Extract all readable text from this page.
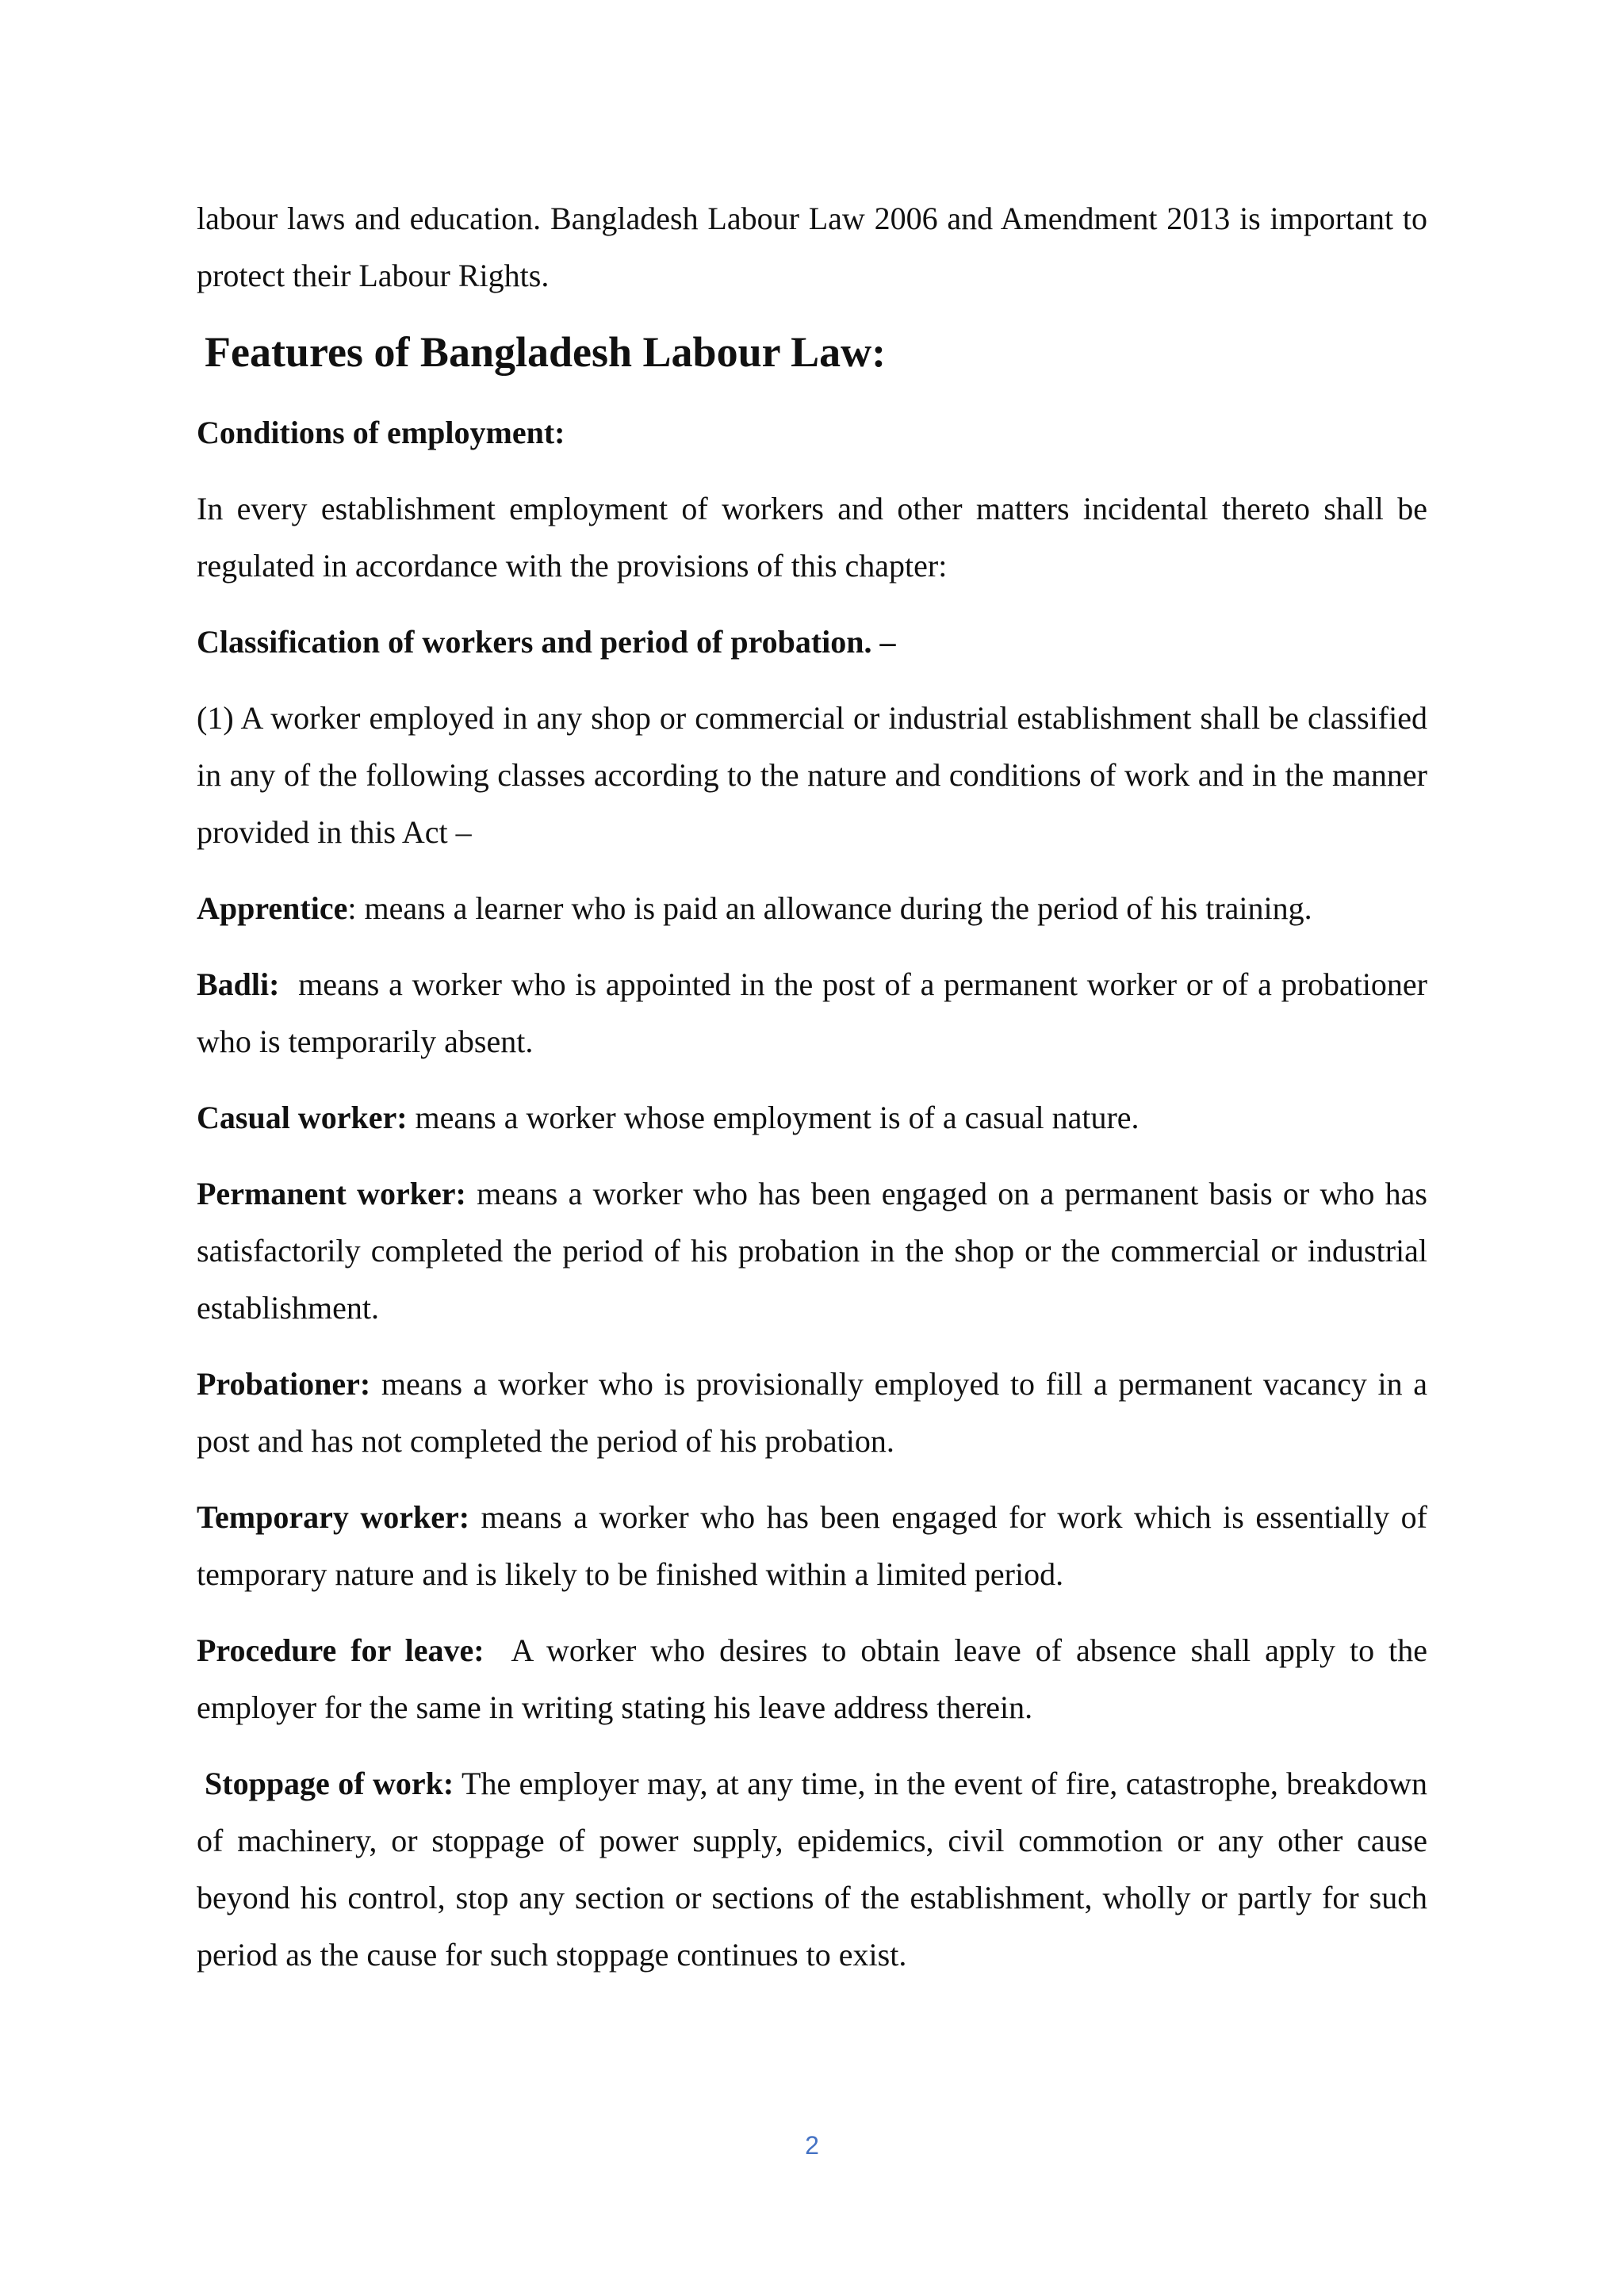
labour laws and education. Bangladesh Labour Law 2006 and Amendment 2013 is important to protect their Labour Rights.

Features of Bangladesh Labour Law:

Conditions of employment:

In every establishment employment of workers and other matters incidental thereto shall be regulated in accordance with the provisions of this chapter:

Classification of workers and period of probation. –

(1) A worker employed in any shop or commercial or industrial establishment shall be classified in any of the following classes according to the nature and conditions of work and in the manner provided in this Act –

Apprentice: means a learner who is paid an allowance during the period of his training.

Badli: means a worker who is appointed in the post of a permanent worker or of a probationer who is temporarily absent.

Casual worker: means a worker whose employment is of a casual nature.

Permanent worker: means a worker who has been engaged on a permanent basis or who has satisfactorily completed the period of his probation in the shop or the commercial or industrial establishment.

Probationer: means a worker who is provisionally employed to fill a permanent vacancy in a post and has not completed the period of his probation.

Temporary worker: means a worker who has been engaged for work which is essentially of temporary nature and is likely to be finished within a limited period.

Procedure for leave: A worker who desires to obtain leave of absence shall apply to the employer for the same in writing stating his leave address therein.

Stoppage of work: The employer may, at any time, in the event of fire, catastrophe, breakdown of machinery, or stoppage of power supply, epidemics, civil commotion or any other cause beyond his control, stop any section or sections of the establishment, wholly or partly for such period as the cause for such stoppage continues to exist.

2
